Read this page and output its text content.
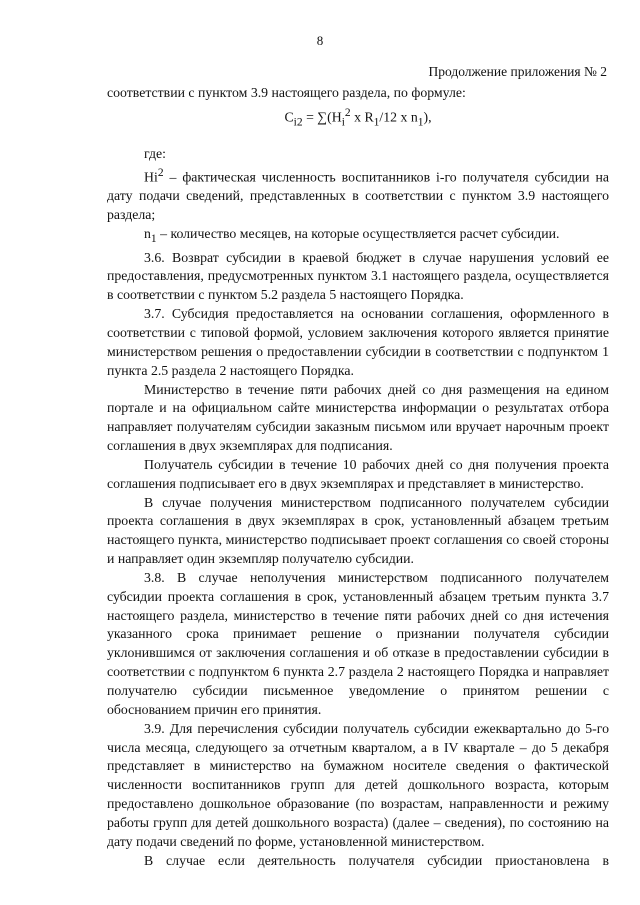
8
Продолжение приложения № 2

соответствии с пунктом 3.9 настоящего раздела, по формуле:

$C_{i2} = \sum(H_i^2$ x $R_1/12$ x $n_1$),

где:

Hi$^2$ – фактическая численность воспитанников i-го получателя субсидии на дату подачи сведений, представленных в соответствии с пунктом 3.9 настоящего раздела;

$n_1$ – количество месяцев, на которые осуществляется расчет субсидии.

3.6. Возврат субсидии в краевой бюджет в случае нарушения условий ее предоставления, предусмотренных пунктом 3.1 настоящего раздела, осуществляется в соответствии с пунктом 5.2 раздела 5 настоящего Порядка.

3.7. Субсидия предоставляется на основании соглашения, оформленного в соответствии с типовой формой, условием заключения которого является принятие министерством решения о предоставлении субсидии в соответствии с подпунктом 1 пункта 2.5 раздела 2 настоящего Порядка.

Министерство в течение пяти рабочих дней со дня размещения на едином портале и на официальном сайте министерства информации о результатах отбора направляет получателям субсидии заказным письмом или вручает нарочным проект соглашения в двух экземплярах для подписания.

Получатель субсидии в течение 10 рабочих дней со дня получения проекта соглашения подписывает его в двух экземплярах и представляет в министерство.

В случае получения министерством подписанного получателем субсидии проекта соглашения в двух экземплярах в срок, установленный абзацем третьим настоящего пункта, министерство подписывает проект соглашения со своей стороны и направляет один экземпляр получателю субсидии.

3.8. В случае неполучения министерством подписанного получателем субсидии проекта соглашения в срок, установленный абзацем третьим пункта 3.7 настоящего раздела, министерство в течение пяти рабочих дней со дня истечения указанного срока принимает решение о признании получателя субсидии уклонившимся от заключения соглашения и об отказе в предоставлении субсидии в соответствии с подпунктом 6 пункта 2.7 раздела 2 настоящего Порядка и направляет получателю субсидии письменное уведомление о принятом решении с обоснованием причин его принятия.

3.9. Для перечисления субсидии получатель субсидии ежеквартально до 5-го числа месяца, следующего за отчетным кварталом, а в IV квартале – до 5 декабря представляет в министерство на бумажном носителе сведения о фактической численности воспитанников групп для детей дошкольного возраста, которым предоставлено дошкольное образование (по возрастам, направленности и режиму работы групп для детей дошкольного возраста) (далее – сведения), по состоянию на дату подачи сведений по форме, установленной министерством.

В случае если деятельность получателя субсидии приостановлена в
